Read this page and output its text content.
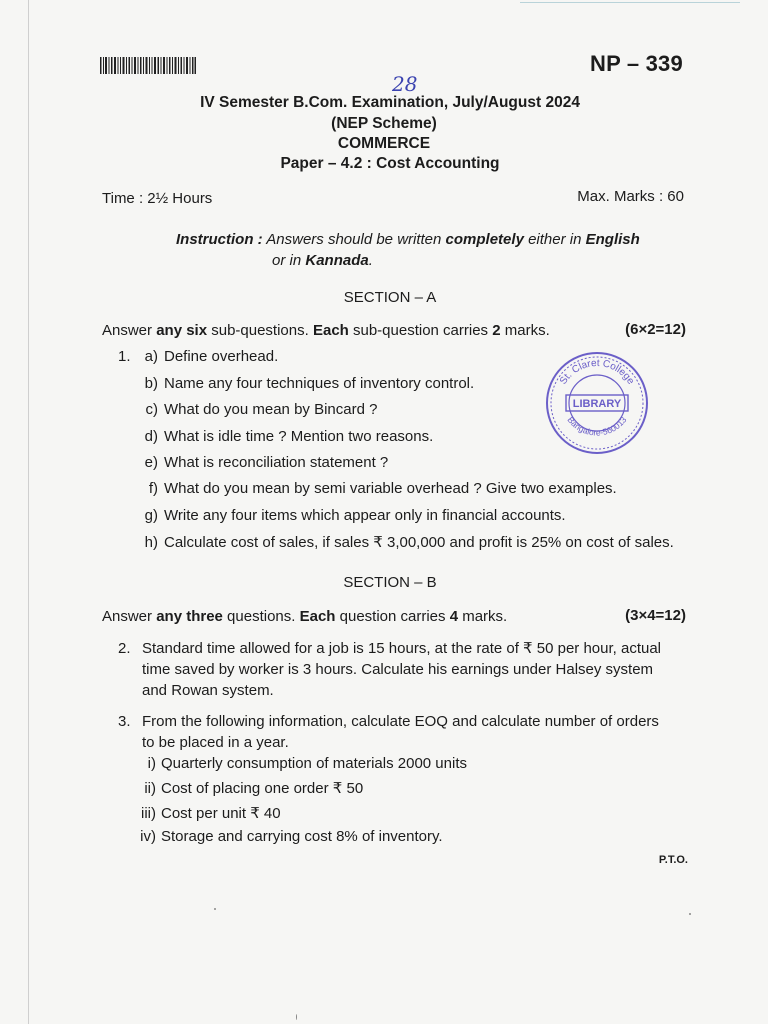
NP – 339
28
IV Semester B.Com. Examination, July/August 2024
(NEP Scheme)
COMMERCE
Paper – 4.2 : Cost Accounting
Time : 2½ Hours	Max. Marks : 60
Instruction : Answers should be written completely either in English
or in Kannada.
SECTION – A
Answer any six sub-questions. Each sub-question carries 2 marks.	(6×2=12)
1. a) Define overhead.
b) Name any four techniques of inventory control.
c) What do you mean by Bincard ?
d) What is idle time ? Mention two reasons.
e) What is reconciliation statement ?
f) What do you mean by semi variable overhead ? Give two examples.
g) Write any four items which appear only in financial accounts.
h) Calculate cost of sales, if sales ₹ 3,00,000 and profit is 25% on cost of sales.
St. Claret College
LIBRARY
Bangalore-560013
SECTION – B
Answer any three questions. Each question carries 4 marks.	(3×4=12)
2. Standard time allowed for a job is 15 hours, at the rate of ₹ 50 per hour, actual
time saved by worker is 3 hours. Calculate his earnings under Halsey system
and Rowan system.
3. From the following information, calculate EOQ and calculate number of orders
to be placed in a year.
i) Quarterly consumption of materials 2000 units
ii) Cost of placing one order ₹ 50
iii) Cost per unit ₹ 40
iv) Storage and carrying cost 8% of inventory.
P.T.O.
